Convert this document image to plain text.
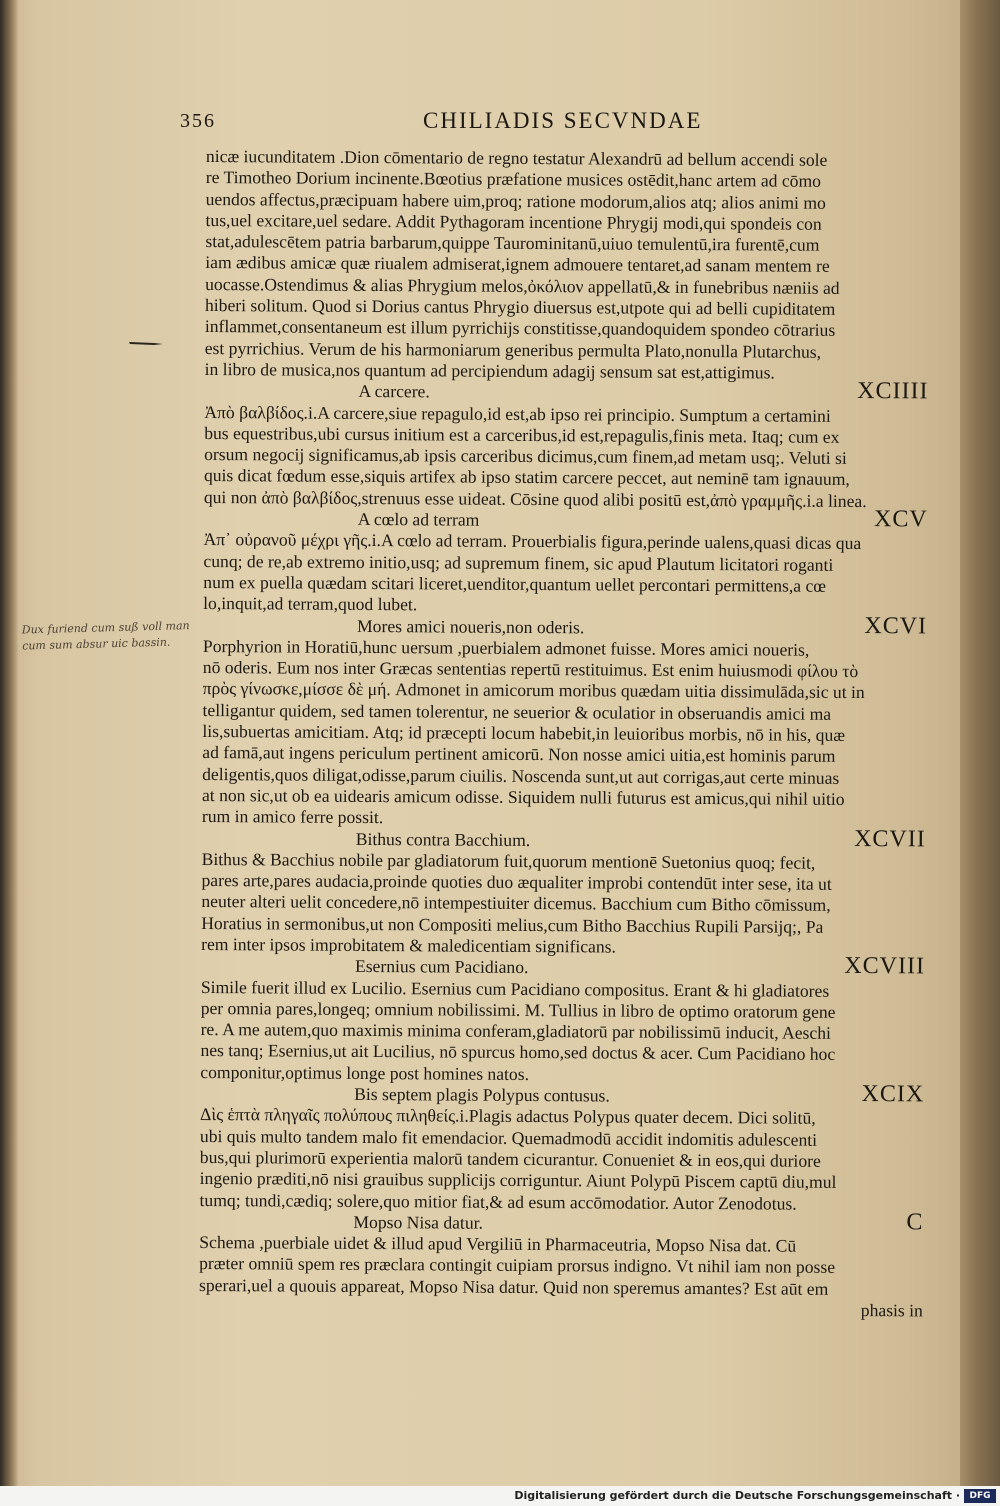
356	CHILIADIS SECVNDAE
Dux furiend cum suß voll man
cum sum absur uic bassin.
nicæ iucunditatem .Dion cōmentario de regno testatur Alexandrū ad bellum accendi sole
re Timotheo Dorium incinente.Bœotius præfatione musices ostēdit,hanc artem ad cōmo
uendos affectus,præcipuam habere uim,proq; ratione modorum,alios atq; alios animi mo
tus,uel excitare,uel sedare. Addit Pythagoram incentione Phrygij modi,qui spondeis con
stat,adulescētem patria barbarum,quippe Taurominitanū,uiuo temulentū,ira furentē,cum
iam ædibus amicæ quæ riualem admiserat,ignem admouere tentaret,ad sanam mentem re
uocasse.Ostendimus & alias Phrygium melos,ὀκόλιον appellatū,& in funebribus næniis ad
hiberi solitum. Quod si Dorius cantus Phrygio diuersus est,utpote qui ad belli cupiditatem
inflammet,consentaneum est illum pyrrichijs constitisse,quandoquidem spondeo cōtrarius
est pyrrichius. Verum de his harmoniarum generibus permulta Plato,nonulla Plutarchus,
in libro de musica,nos quantum ad percipiendum adagij sensum sat est,attigimus.
A carcere.	XCIIII
Ἀπὸ βαλβίδος.i.A carcere,siue repagulo,id est,ab ipso rei principio. Sumptum a certamini
bus equestribus,ubi cursus initium est a carceribus,id est,repagulis,finis meta. Itaq; cum ex
orsum negocij significamus,ab ipsis carceribus dicimus,cum finem,ad metam usq;. Veluti si
quis dicat fœdum esse,siquis artifex ab ipso statim carcere peccet, aut neminē tam ignauum,
qui non ἀπὸ βαλβίδος,strenuus esse uideat. Cōsine quod alibi positū est,ἀπὸ γραμμῆς.i.a linea.
A cœlo ad terram	XCV
Ἀπ᾽ οὐρανοῦ μέχρι γῆς.i.A cœlo ad terram. Prouerbialis figura,perinde ualens,quasi dicas qua
cunq; de re,ab extremo initio,usq; ad supremum finem, sic apud Plautum licitatori roganti
num ex puella quædam scitari liceret,uenditor,quantum uellet percontari permittens,a cœ
lo,inquit,ad terram,quod lubet.
Mores amici noueris,non oderis.	XCVI
Porphyrion in Horatiū,hunc uersum ,puerbialem admonet fuisse. Mores amici noueris,
nō oderis. Eum nos inter Græcas sententias repertū restituimus. Est enim huiusmodi φίλου τὸ
πρὸς γίνωσκε,μίσσε δὲ μή. Admonet in amicorum moribus quædam uitia dissimulāda,sic ut in
telligantur quidem, sed tamen tolerentur, ne seuerior & oculatior in obseruandis amici ma
lis,subuertas amicitiam. Atq; id præcepti locum habebit,in leuioribus morbis, nō in his, quæ
ad famā,aut ingens periculum pertinent amicorū. Non nosse amici uitia,est hominis parum
deligentis,quos diligat,odisse,parum ciuilis. Noscenda sunt,ut aut corrigas,aut certe minuas
at non sic,ut ob ea uidearis amicum odisse. Siquidem nulli futurus est amicus,qui nihil uitio
rum in amico ferre possit.
Bithus contra Bacchium.	XCVII
Bithus & Bacchius nobile par gladiatorum fuit,quorum mentionē Suetonius quoq; fecit,
pares arte,pares audacia,proinde quoties duo æqualiter improbi contendūt inter sese, ita ut
neuter alteri uelit concedere,nō intempestiuiter dicemus. Bacchium cum Bitho cōmissum,
Horatius in sermonibus,ut non Compositi melius,cum Bitho Bacchius Rupili Parsijq;, Pa
rem inter ipsos improbitatem & maledicentiam significans.
Esernius cum Pacidiano.	XCVIII
Simile fuerit illud ex Lucilio. Esernius cum Pacidiano compositus. Erant & hi gladiatores
per omnia pares,longeq; omnium nobilissimi. M. Tullius in libro de optimo oratorum gene
re. A me autem,quo maximis minima conferam,gladiatorū par nobilissimū inducit, Aeschi
nes tanq; Esernius,ut ait Lucilius, nō spurcus homo,sed doctus & acer. Cum Pacidiano hoc
componitur,optimus longe post homines natos.
Bis septem plagis Polypus contusus.	XCIX
Δὶς ἑπτὰ πληγαῖς πολύπους πιληθείς.i.Plagis adactus Polypus quater decem. Dici solitū,
ubi quis multo tandem malo fit emendacior. Quemadmodū accidit indomitis adulescenti
bus,qui plurimorū experientia malorū tandem cicurantur. Conueniet & in eos,qui duriore
ingenio præditi,nō nisi grauibus supplicijs corriguntur. Aiunt Polypū Piscem captū diu,mul
tumq; tundi,cædiq; solere,quo mitior fiat,& ad esum accōmodatior. Autor Zenodotus.
Mopso Nisa datur.	C
Schema ,puerbiale uidet & illud apud Vergiliū in Pharmaceutria, Mopso Nisa dat. Cū
præter omniū spem res præclara contingit cuipiam prorsus indigno. Vt nihil iam non posse
sperari,uel a quouis appareat, Mopso Nisa datur. Quid non speremus amantes? Est aūt em
phasis in
Digitalisierung gefördert durch die Deutsche Forschungsgemeinschaft ·	DFG
